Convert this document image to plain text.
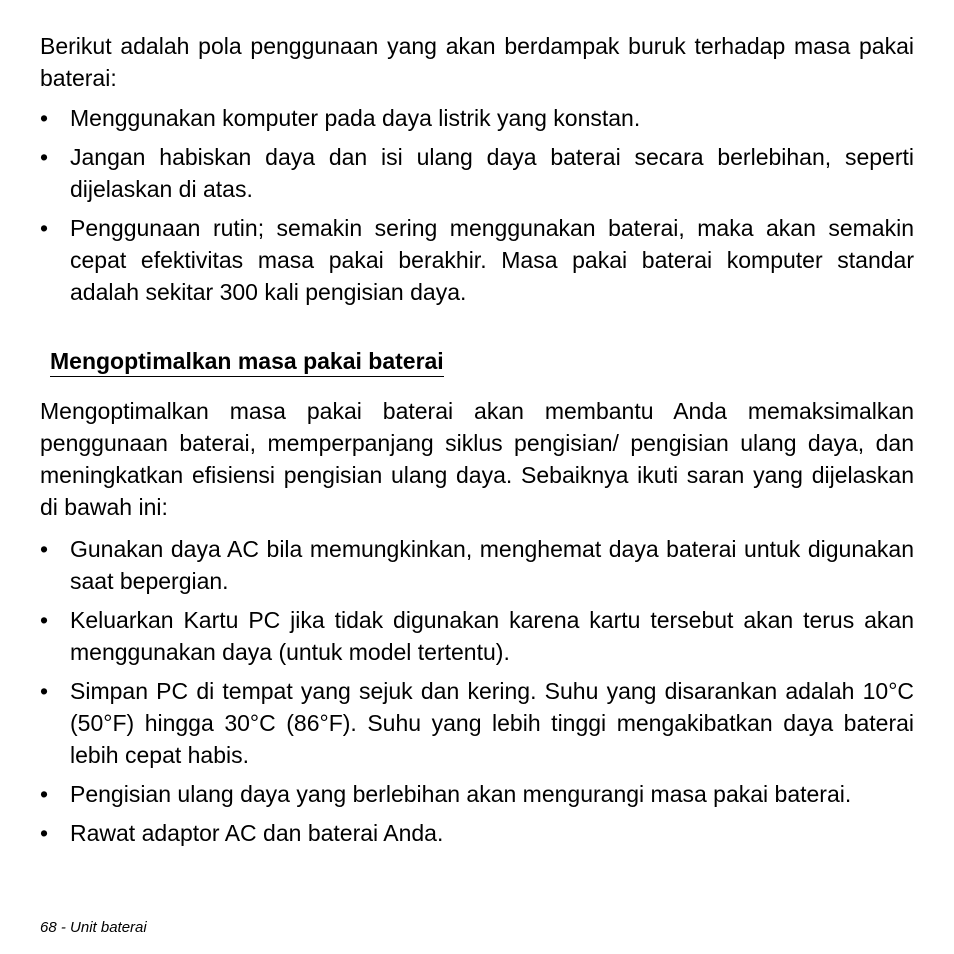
Berikut adalah pola penggunaan yang akan berdampak buruk terhadap masa pakai baterai:

• Menggunakan komputer pada daya listrik yang konstan.
• Jangan habiskan daya dan isi ulang daya baterai secara berlebihan, seperti dijelaskan di atas.
• Penggunaan rutin; semakin sering menggunakan baterai, maka akan semakin cepat efektivitas masa pakai berakhir. Masa pakai baterai komputer standar adalah sekitar 300 kali pengisian daya.
Mengoptimalkan masa pakai baterai

Mengoptimalkan masa pakai baterai akan membantu Anda memaksimalkan penggunaan baterai, memperpanjang siklus pengisian/ pengisian ulang daya, dan meningkatkan efisiensi pengisian ulang daya. Sebaiknya ikuti saran yang dijelaskan di bawah ini:

• Gunakan daya AC bila memungkinkan, menghemat daya baterai untuk digunakan saat bepergian.
• Keluarkan Kartu PC jika tidak digunakan karena kartu tersebut akan terus akan menggunakan daya (untuk model tertentu).
• Simpan PC di tempat yang sejuk dan kering. Suhu yang disarankan adalah 10°C (50°F) hingga 30°C (86°F). Suhu yang lebih tinggi mengakibatkan daya baterai lebih cepat habis.
• Pengisian ulang daya yang berlebihan akan mengurangi masa pakai baterai.
• Rawat adaptor AC dan baterai Anda.
68 - Unit baterai
